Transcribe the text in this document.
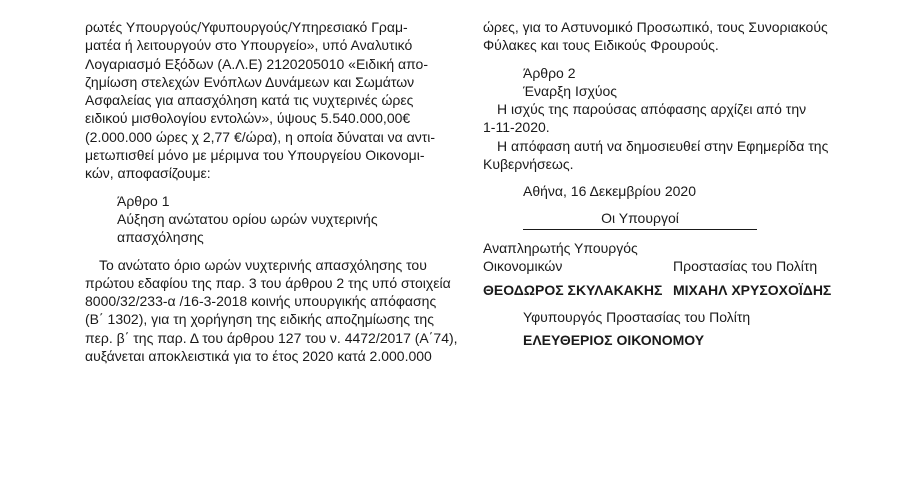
ρωτές Υπουργούς/Υφυπουργούς/Υπηρεσιακό Γραμ-

ματέα ή λειτουργούν στο Υπουργείο», υπό Αναλυτικό

Λογαριασμό Εξόδων (Α.Λ.Ε) 2120205010 «Ειδική απο-

ζημίωση στελεχών Ενόπλων Δυνάμεων και Σωμάτων

Ασφαλείας για απασχόληση κατά τις νυχτερινές ώρες

ειδικού μισθολογίου εντολών», ύψους 5.540.000,00€

(2.000.000 ώρες χ 2,77 €/ώρα), η οποία δύναται να αντι-

μετωπισθεί μόνο με μέριμνα του Υπουργείου Οικονομι-

κών, αποφασίζουμε:

Άρθρο 1

Αύξηση ανώτατου ορίου ωρών νυχτερινής

απασχόλησης

Το ανώτατο όριο ωρών νυχτερινής απασχόλησης του

πρώτου εδαφίου της παρ. 3 του άρθρου 2 της υπό στοιχεία

8000/32/233-α /16-3-2018 κοινής υπουργικής απόφασης

(Β΄ 1302), για τη χορήγηση της ειδικής αποζημίωσης της

περ. β΄ της παρ. Δ του άρθρου 127 του ν. 4472/2017 (Α΄74),

αυξάνεται αποκλειστικά για το έτος 2020 κατά 2.000.000

ώρες, για το Αστυνομικό Προσωπικό, τους Συνοριακούς

Φύλακες και τους Ειδικούς Φρουρούς.

Άρθρο 2

Έναρξη Ισχύος

Η ισχύς της παρούσας απόφασης αρχίζει από την

1-11-2020.

Η απόφαση αυτή να δημοσιευθεί στην Εφημερίδα της

Κυβερνήσεως.

Αθήνα, 16 Δεκεμβρίου 2020

Οι Υπουργοί
Αναπληρωτής Υπουργός
Οικονομικών	Προστασίας του Πολίτη
ΘΕΟΔΩΡΟΣ ΣΚΥΛΑΚΑΚΗΣ ΜΙΧΑΗΛ ΧΡΥΣΟΧΟΪΔΗΣ
Υφυπουργός Προστασίας του Πολίτη
ΕΛΕΥΘΕΡΙΟΣ ΟΙΚΟΝΟΜΟΥ
